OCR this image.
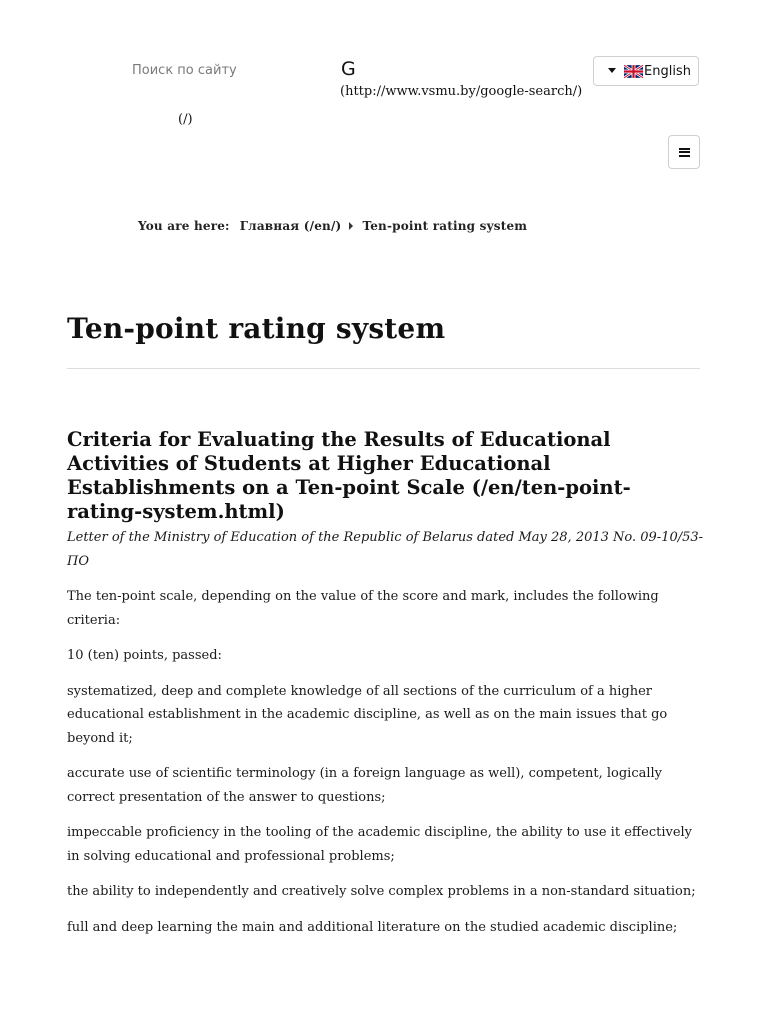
Поиск по сайту
G
(http://www.vsmu.by/google-search/)
(/)
English
You are here: Главная (/en/) Ten-point rating system
Ten-point rating system
Criteria for Evaluating the Results of Educational Activities of Students at Higher Educational Establishments on a Ten-point Scale (/en/ten-point-rating-system.html)

Letter of the Ministry of Education of the Republic of Belarus dated May 28, 2013 No. 09-10/53-ПО

The ten-point scale, depending on the value of the score and mark, includes the following criteria:

10 (ten) points, passed:

systematized, deep and complete knowledge of all sections of the curriculum of a higher educational establishment in the academic discipline, as well as on the main issues that go beyond it;

accurate use of scientific terminology (in a foreign language as well), competent, logically correct presentation of the answer to questions;

impeccable proficiency in the tooling of the academic discipline, the ability to use it effectively in solving educational and professional problems;

the ability to independently and creatively solve complex problems in a non-standard situation;

full and deep learning the main and additional literature on the studied academic discipline;
